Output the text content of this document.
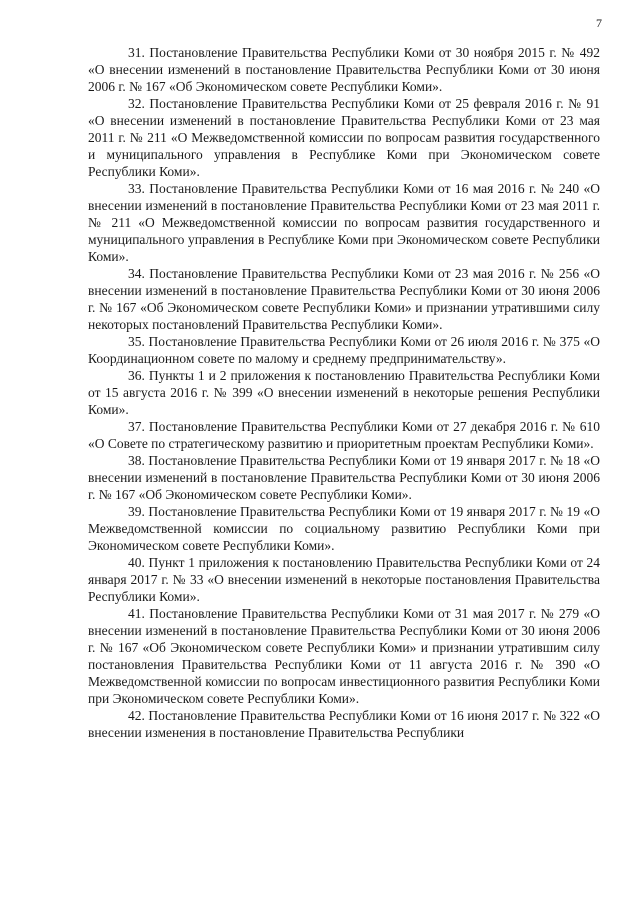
7

31. Постановление Правительства Республики Коми от 30 ноября 2015 г. № 492 «О внесении изменений в постановление Правительства Республики Коми от 30 июня 2006 г. № 167 «Об Экономическом совете Республики Коми».

32. Постановление Правительства Республики Коми от 25 февраля 2016 г. № 91 «О внесении изменений в постановление Правительства Республики Коми от 23 мая 2011 г. № 211 «О Межведомственной комиссии по вопросам развития государственного и муниципального управления в Республике Коми при Экономическом совете Республики Коми».

33. Постановление Правительства Республики Коми от 16 мая 2016 г. № 240 «О внесении изменений в постановление Правительства Республики Коми от 23 мая 2011 г. № 211 «О Межведомственной комиссии по вопросам развития государственного и муниципального управления в Республике Коми при Экономическом совете Республики Коми».

34. Постановление Правительства Республики Коми от 23 мая 2016 г. № 256 «О внесении изменений в постановление Правительства Республики Коми от 30 июня 2006 г. № 167 «Об Экономическом совете Республики Коми» и признании утратившими силу некоторых постановлений Правительства Республики Коми».

35. Постановление Правительства Республики Коми от 26 июля 2016 г. № 375 «О Координационном совете по малому и среднему предпринимательству».

36. Пункты 1 и 2 приложения к постановлению Правительства Республики Коми от 15 августа 2016 г. № 399 «О внесении изменений в некоторые решения Республики Коми».

37. Постановление Правительства Республики Коми от 27 декабря 2016 г. № 610 «О Совете по стратегическому развитию и приоритетным проектам Республики Коми».

38. Постановление Правительства Республики Коми от 19 января 2017 г. № 18 «О внесении изменений в постановление Правительства Республики Коми от 30 июня 2006 г. № 167 «Об Экономическом совете Республики Коми».

39. Постановление Правительства Республики Коми от 19 января 2017 г. № 19 «О Межведомственной комиссии по социальному развитию Республики Коми при Экономическом совете Республики Коми».

40. Пункт 1 приложения к постановлению Правительства Республики Коми от 24 января 2017 г. № 33 «О внесении изменений в некоторые постановления Правительства Республики Коми».

41. Постановление Правительства Республики Коми от 31 мая 2017 г. № 279 «О внесении изменений в постановление Правительства Республики Коми от 30 июня 2006 г. № 167 «Об Экономическом совете Республики Коми» и признании утратившим силу постановления Правительства Республики Коми от 11 августа 2016 г. № 390 «О Межведомственной комиссии по вопросам инвестиционного развития Республики Коми при Экономическом совете Республики Коми».

42. Постановление Правительства Республики Коми от 16 июня 2017 г. № 322 «О внесении изменения в постановление Правительства Республики
